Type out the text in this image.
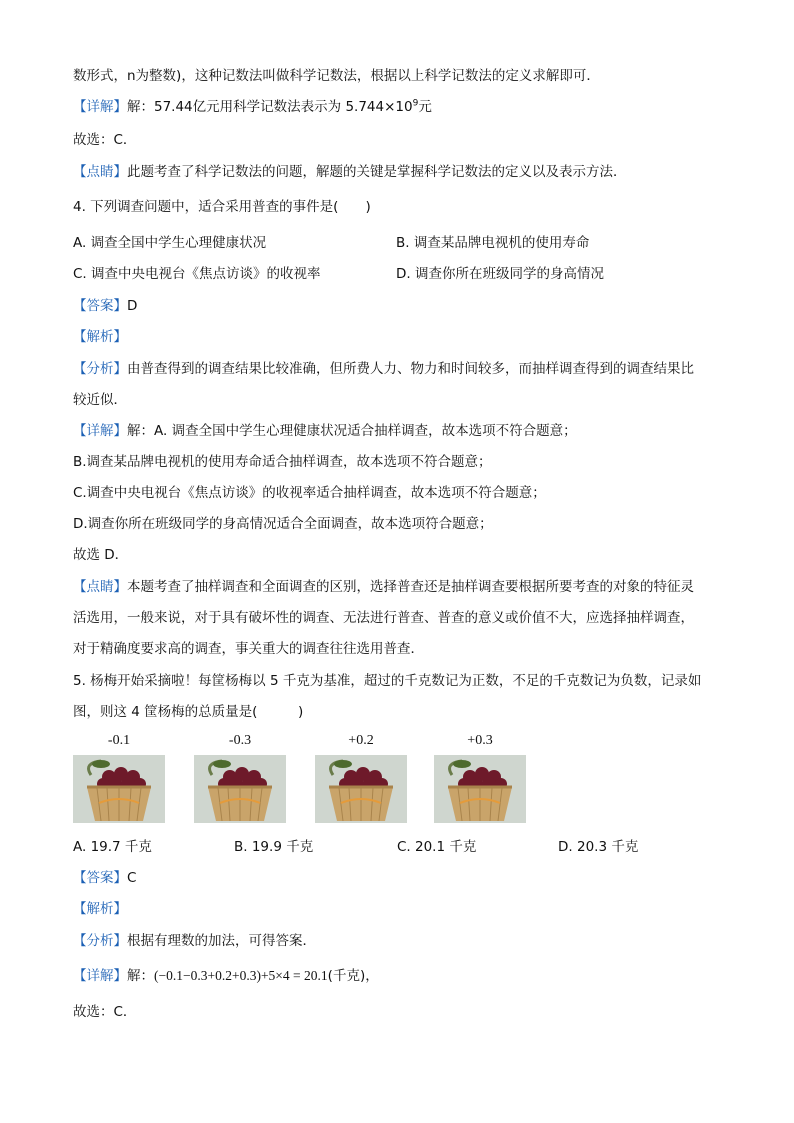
数形式，n为整数)，这种记数法叫做科学记数法，根据以上科学记数法的定义求解即可．
【详解】解：57.44亿元用科学记数法表示为 $5.744\times 10^9$元
故选：C．
【点睛】此题考查了科学记数法的问题，解题的关键是掌握科学记数法的定义以及表示方法．
4. 下列调查问题中，适合采用普查的事件是(　　)
A. 调查全国中学生心理健康状况	B. 调查某品牌电视机的使用寿命
C. 调查中央电视台《焦点访谈》的收视率	D. 调查你所在班级同学的身高情况
【答案】D
【解析】
【分析】由普查得到的调查结果比较准确，但所费人力、物力和时间较多，而抽样调查得到的调查结果比
较近似．
【详解】解：A. 调查全国中学生心理健康状况适合抽样调查，故本选项不符合题意；
B.调查某品牌电视机的使用寿命适合抽样调查，故本选项不符合题意；
C.调查中央电视台《焦点访谈》的收视率适合抽样调查，故本选项不符合题意；
D.调查你所在班级同学的身高情况适合全面调查，故本选项符合题意；
故选 D．
【点睛】本题考查了抽样调查和全面调查的区别，选择普查还是抽样调查要根据所要考查的对象的特征灵
活选用，一般来说，对于具有破坏性的调查、无法进行普查、普查的意义或价值不大，应选择抽样调查，
对于精确度要求高的调查，事关重大的调查往往选用普查．
5. 杨梅开始采摘啦！每筐杨梅以 5 千克为基准，超过的千克数记为正数，不足的千克数记为负数，记录如
图，则这 4 筐杨梅的总质量是(　　　)
-0.1	-0.3	+0.2	+0.3
A. 19.7 千克	B. 19.9 千克	C. 20.1 千克	D. 20.3 千克
【答案】C
【解析】
【分析】根据有理数的加法，可得答案．
【详解】解：(−0.1−0.3+0.2+0.3)+5×4 = 20.1(千克)，
故选：C．
